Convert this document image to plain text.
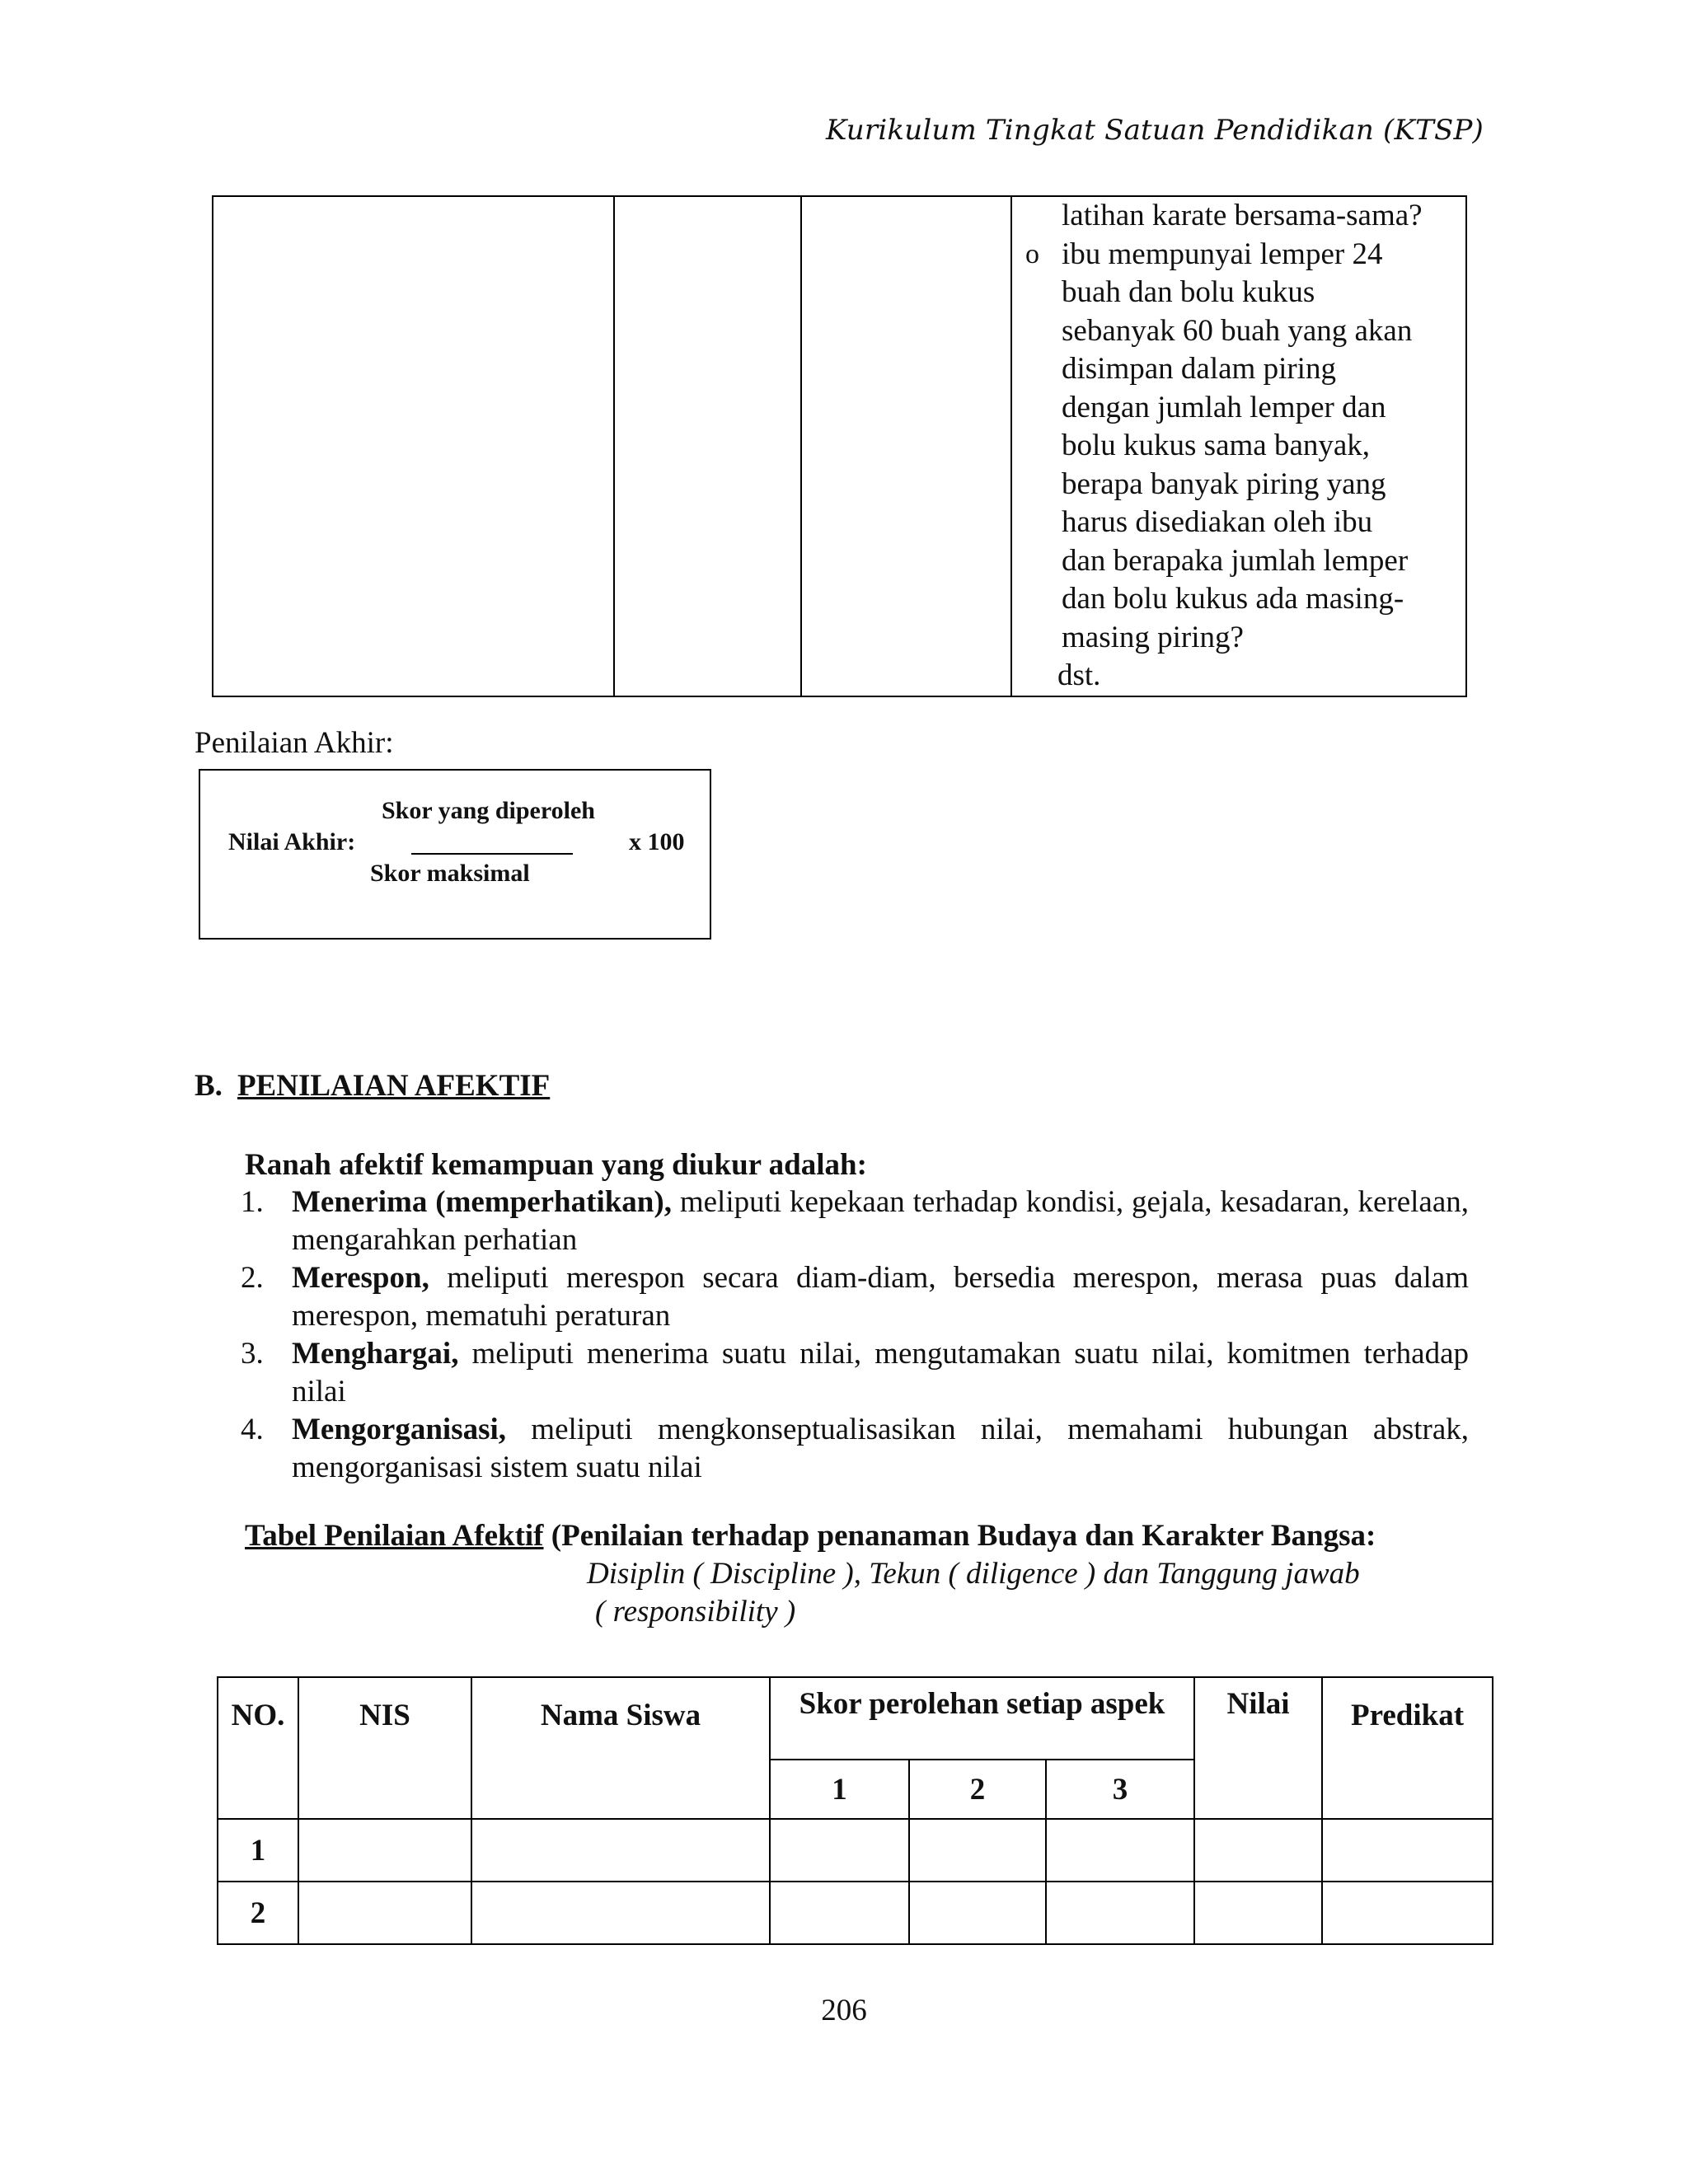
Kurikulum Tingkat Satuan Pendidikan (KTSP)

latihan karate bersama-sama?
o ibu mempunyai lemper 24
buah dan bolu kukus
sebanyak 60 buah yang akan
disimpan dalam piring
dengan jumlah lemper dan
bolu kukus sama banyak,
berapa banyak piring yang
harus disediakan oleh ibu
dan berapaka jumlah lemper
dan bolu kukus ada masing-
masing piring?
dst.
Penilaian Akhir:
Skor yang diperoleh
Nilai Akhir:	x 100
Skor maksimal
B. PENILAIAN AFEKTIF
Ranah afektif kemampuan yang diukur adalah:
1. Menerima (memperhatikan), meliputi kepekaan terhadap kondisi, gejala, kesadaran, kerelaan, mengarahkan perhatian
2. Merespon, meliputi merespon secara diam-diam, bersedia merespon, merasa puas dalam merespon, mematuhi peraturan
3. Menghargai, meliputi menerima suatu nilai, mengutamakan suatu nilai, komitmen terhadap nilai
4. Mengorganisasi, meliputi mengkonseptualisasikan nilai, memahami hubungan abstrak, mengorganisasi sistem suatu nilai
Tabel Penilaian Afektif (Penilaian terhadap penanaman Budaya dan Karakter Bangsa:
Disiplin ( Discipline ), Tekun ( diligence ) dan Tanggung jawab
( responsibility )
NO.	NIS	Nama Siswa	Skor perolehan setiap aspek			Nilai	Predikat
			1	2	3		
1							
2							
206
